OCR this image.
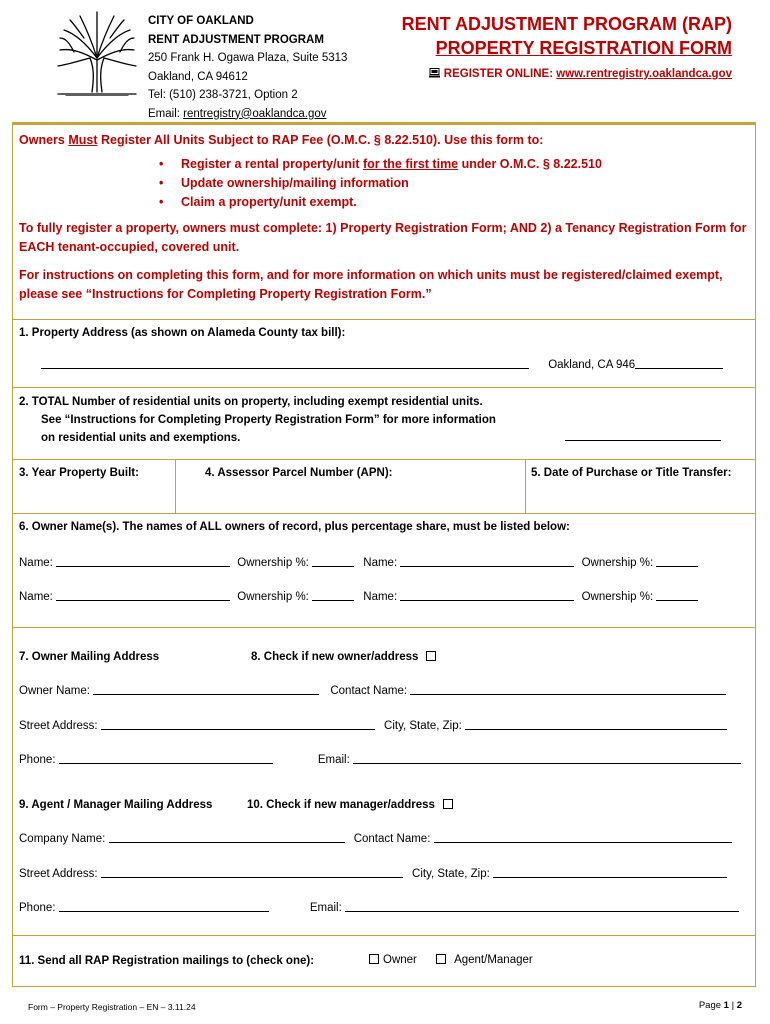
CITY OF OAKLAND
RENT ADJUSTMENT PROGRAM
250 Frank H. Ogawa Plaza, Suite 5313
Oakland, CA 94612
Tel: (510) 238-3721, Option 2
Email: rentregistry@oaklandca.gov
RENT ADJUSTMENT PROGRAM (RAP)
PROPERTY REGISTRATION FORM
REGISTER ONLINE: www.rentregistry.oaklandca.gov
Owners Must Register All Units Subject to RAP Fee (O.M.C. § 8.22.510). Use this form to:
• Register a rental property/unit for the first time under O.M.C. § 8.22.510
• Update ownership/mailing information
• Claim a property/unit exempt.
To fully register a property, owners must complete: 1) Property Registration Form; AND 2) a Tenancy Registration Form for EACH tenant-occupied, covered unit.
For instructions on completing this form, and for more information on which units must be registered/claimed exempt, please see “Instructions for Completing Property Registration Form.”
1. Property Address (as shown on Alameda County tax bill):
Oakland, CA 946
2. TOTAL Number of residential units on property, including exempt residential units.
See “Instructions for Completing Property Registration Form” for more information
on residential units and exemptions.
3. Year Property Built:	4. Assessor Parcel Number (APN):	5. Date of Purchase or Title Transfer:
6. Owner Name(s). The names of ALL owners of record, plus percentage share, must be listed below:
Name:	Ownership %:	Name:	Ownership %:
Name:	Ownership %:	Name:	Ownership %:
7. Owner Mailing Address	8. Check if new owner/address
Owner Name:	Contact Name:
Street Address:	City, State, Zip:
Phone:	Email:
9. Agent / Manager Mailing Address	10. Check if new manager/address
Company Name:	Contact Name:
Street Address:	City, State, Zip:
Phone:	Email:
11. Send all RAP Registration mailings to (check one):	Owner	Agent/Manager
Form – Property Registration – EN – 3.11.24	Page 1 | 2
